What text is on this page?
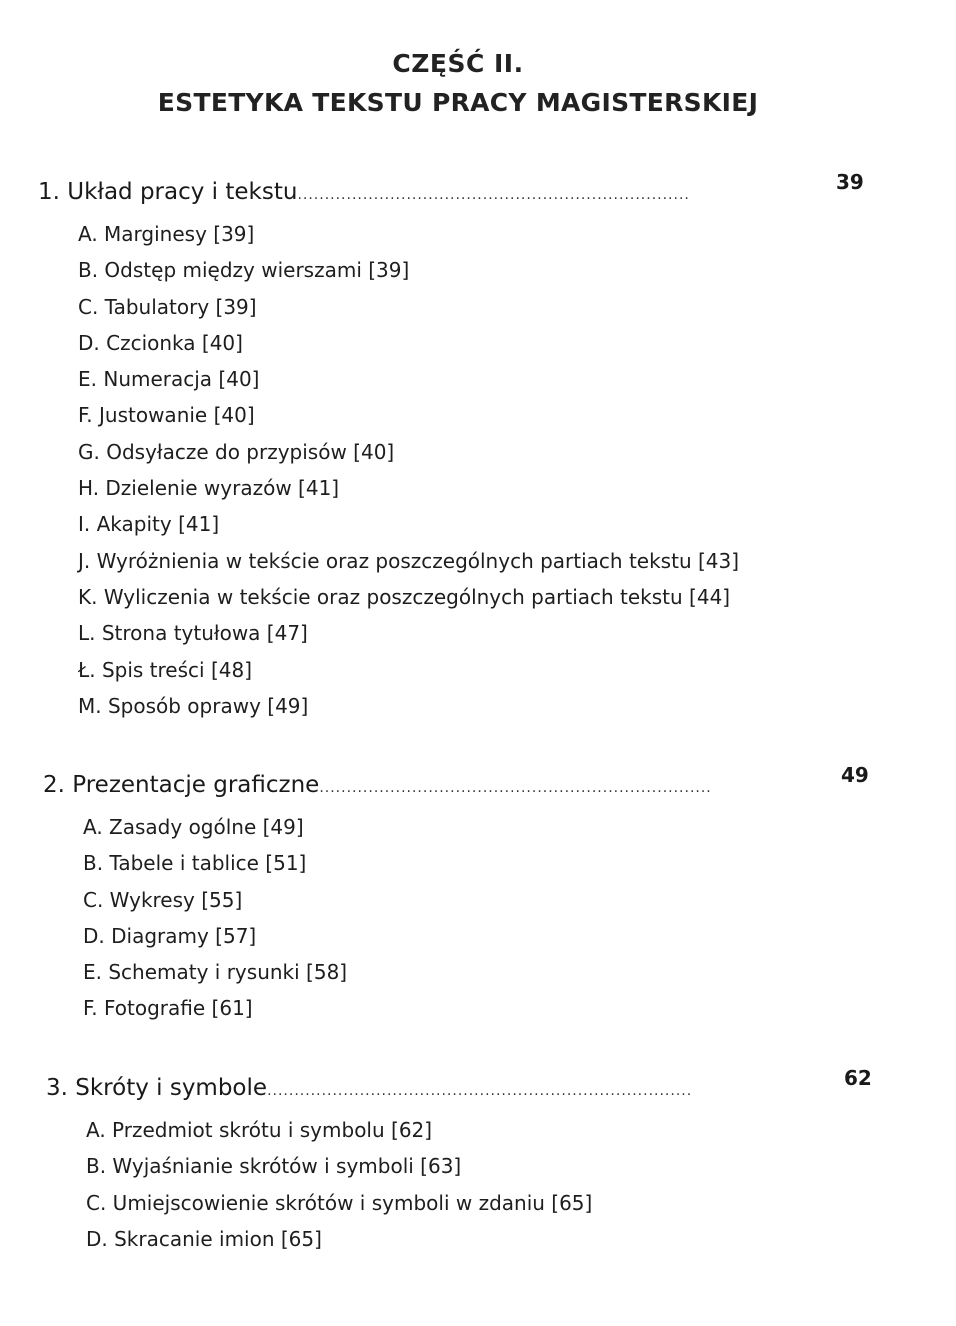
CZĘŚĆ II.
ESTETYKA TEKSTU PRACY MAGISTERSKIEJ
1. Układ pracy i tekstu........................................................................
39
A. Marginesy [39]
B. Odstęp między wierszami [39]
C. Tabulatory [39]
D. Czcionka [40]
E. Numeracja [40]
F. Justowanie [40]
G. Odsyłacze do przypisów [40]
H. Dzielenie wyrazów [41]
I. Akapity [41]
J. Wyróżnienia w tekście oraz poszczególnych partiach tekstu [43]
K. Wyliczenia w tekście oraz poszczególnych partiach tekstu [44]
L. Strona tytułowa [47]
Ł. Spis treści [48]
M. Sposób oprawy [49]
2. Prezentacje graficzne........................................................................
49
A. Zasady ogólne [49]
B. Tabele i tablice [51]
C. Wykresy [55]
D. Diagramy [57]
E. Schematy i rysunki [58]
F. Fotografie [61]
3. Skróty i symbole..............................................................................
62
A. Przedmiot skrótu i symbolu [62]
B. Wyjaśnianie skrótów i symboli [63]
C. Umiejscowienie skrótów i symboli w zdaniu [65]
D. Skracanie imion [65]
